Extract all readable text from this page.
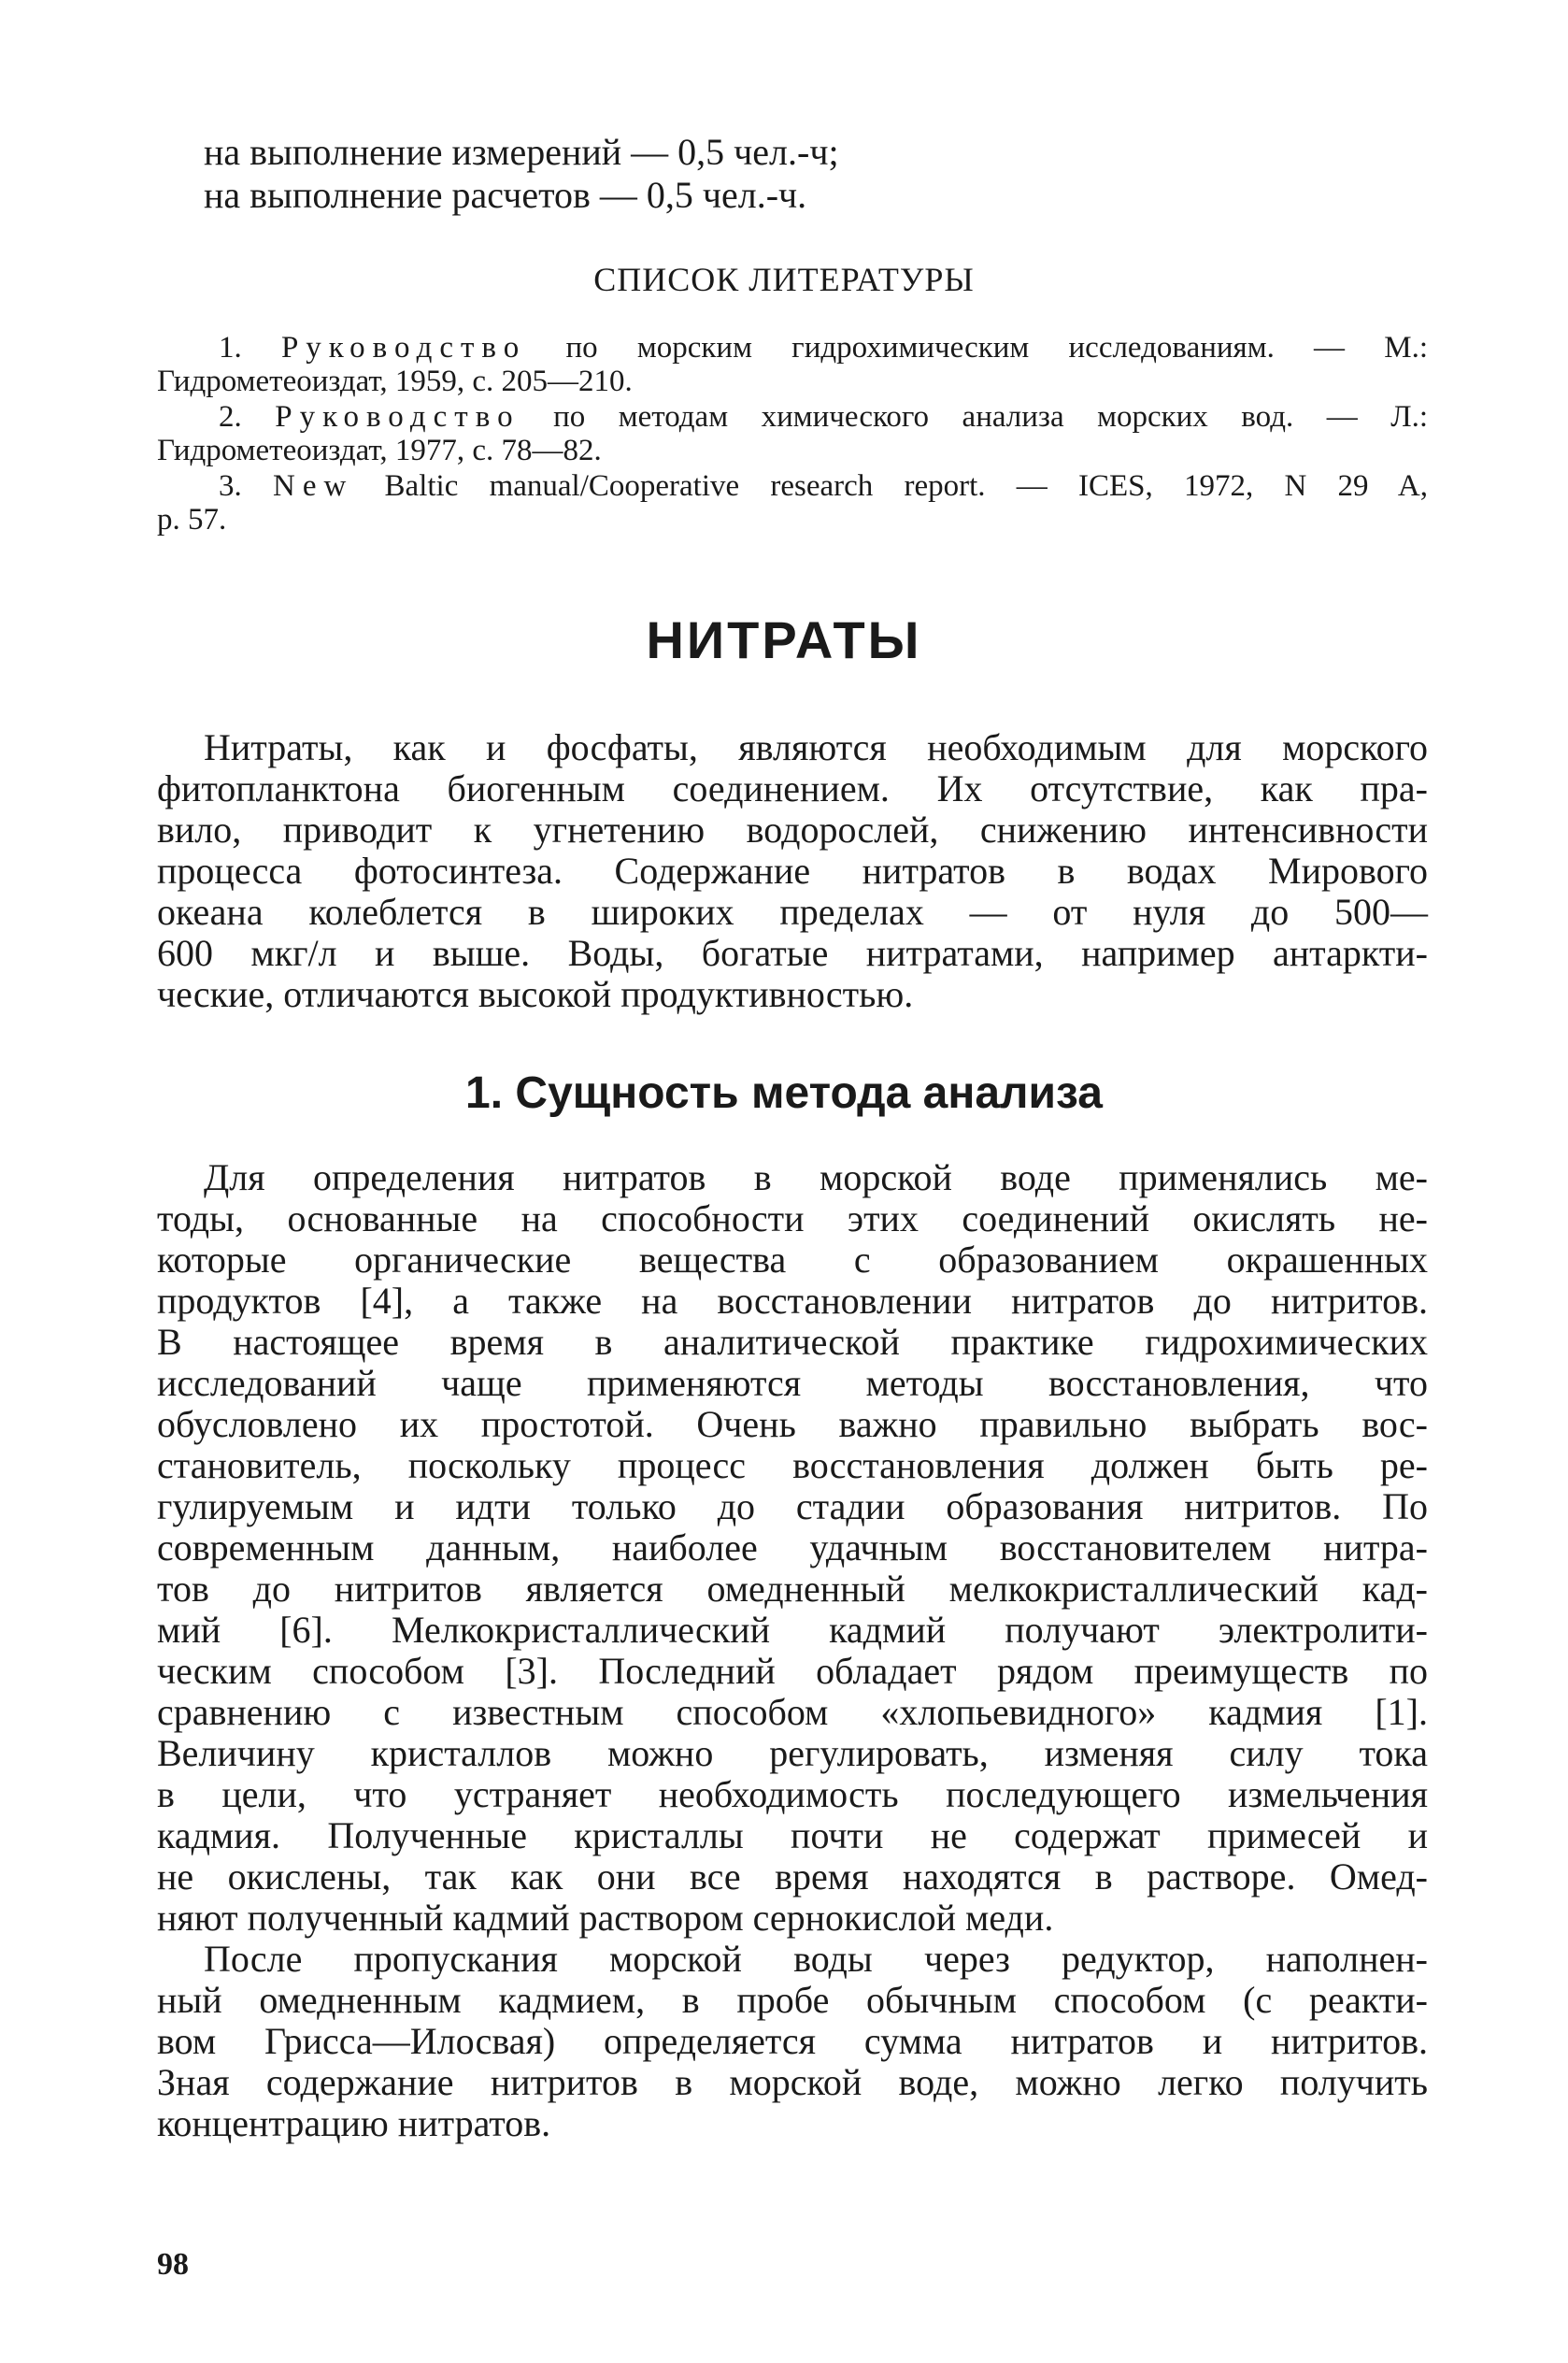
на выполнение измерений — 0,5 чел.-ч;
на выполнение расчетов — 0,5 чел.-ч.
СПИСОК ЛИТЕРАТУРЫ
1. Руководство по морским гидрохимическим исследованиям. — М.:
Гидрометеоиздат, 1959, с. 205—210.
2. Руководство по методам химического анализа морских вод. — Л.:
Гидрометеоиздат, 1977, с. 78—82.
3. New Baltic manual/Cooperative research report. — ICES, 1972, N 29 A,
p. 57.
НИТРАТЫ
Нитраты, как и фосфаты, являются необходимым для морского
фитопланктона биогенным соединением. Их отсутствие, как пра-
вило, приводит к угнетению водорослей, снижению интенсивности
процесса фотосинтеза. Содержание нитратов в водах Мирового
океана колеблется в широких пределах — от нуля до 500—
600 мкг/л и выше. Воды, богатые нитратами, например антаркти-
ческие, отличаются высокой продуктивностью.
1. Сущность метода анализа
Для определения нитратов в морской воде применялись ме-
тоды, основанные на способности этих соединений окислять не-
которые органические вещества с образованием окрашенных
продуктов [4], а также на восстановлении нитратов до нитритов.
В настоящее время в аналитической практике гидрохимических
исследований чаще применяются методы восстановления, что
обусловлено их простотой. Очень важно правильно выбрать вос-
становитель, поскольку процесс восстановления должен быть ре-
гулируемым и идти только до стадии образования нитритов. По
современным данным, наиболее удачным восстановителем нитра-
тов до нитритов является омедненный мелкокристаллический кад-
мий [6]. Мелкокристаллический кадмий получают электролити-
ческим способом [3]. Последний обладает рядом преимуществ по
сравнению с известным способом «хлопьевидного» кадмия [1].
Величину кристаллов можно регулировать, изменяя силу тока
в цели, что устраняет необходимость последующего измельчения
кадмия. Полученные кристаллы почти не содержат примесей и
не окислены, так как они все время находятся в растворе. Омед-
няют полученный кадмий раствором сернокислой меди.
После пропускания морской воды через редуктор, наполнен-
ный омедненным кадмием, в пробе обычным способом (с реакти-
вом Грисса—Илосвая) определяется сумма нитратов и нитритов.
Зная содержание нитритов в морской воде, можно легко получить
концентрацию нитратов.
98
